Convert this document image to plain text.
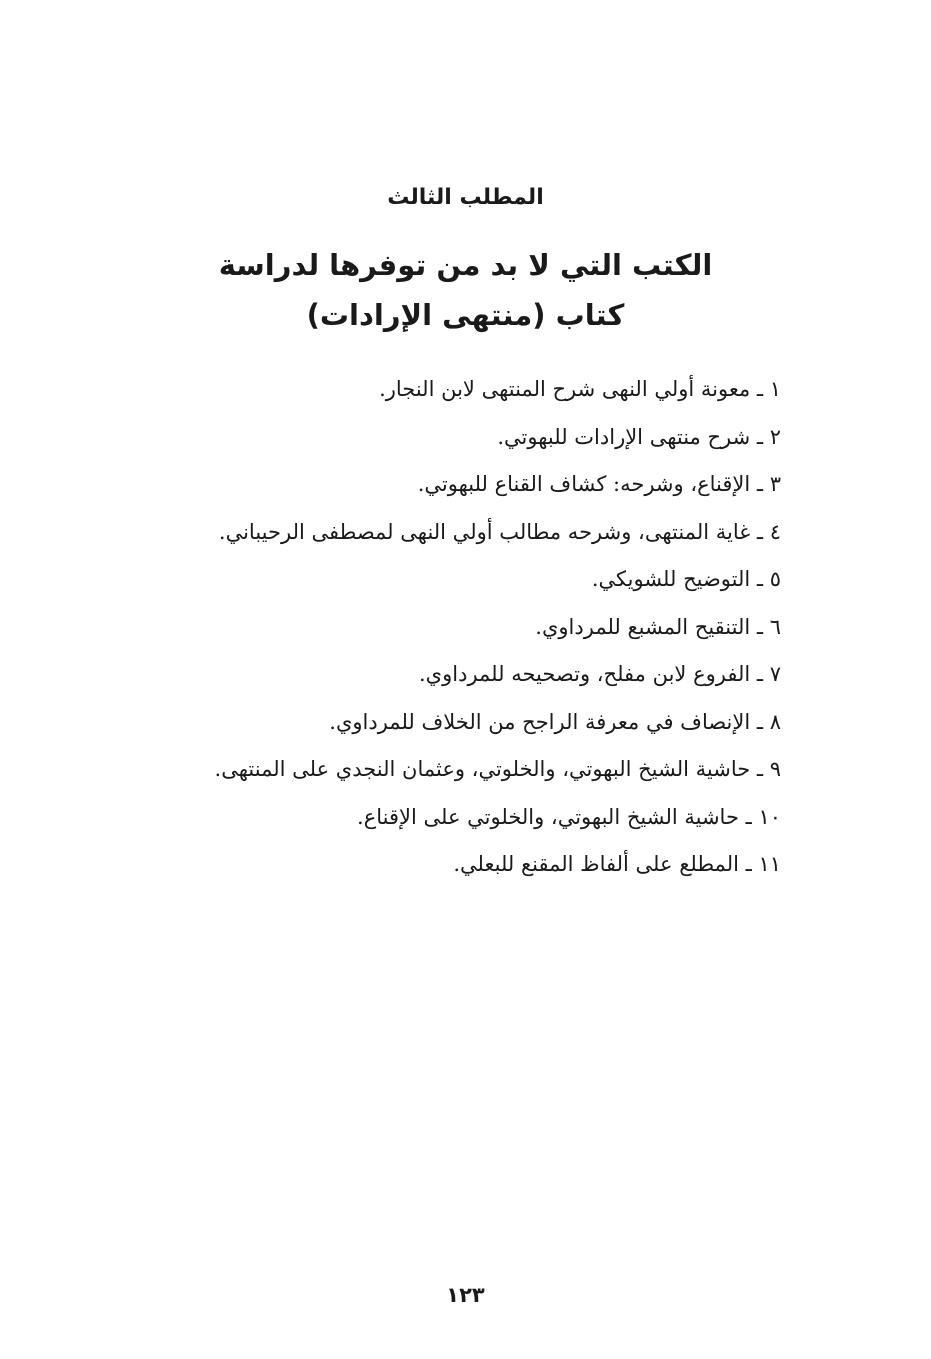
المطلب الثالث
الكتب التي لا بد من توفرها لدراسة
كتاب (منتهى الإرادات)
١ ـ معونة أولي النهى شرح المنتهى لابن النجار.
٢ ـ شرح منتهى الإرادات للبهوتي.
٣ ـ الإقناع، وشرحه: كشاف القناع للبهوتي.
٤ ـ غاية المنتهى، وشرحه مطالب أولي النهى لمصطفى الرحيباني.
٥ ـ التوضيح للشويكي.
٦ ـ التنقيح المشبع للمرداوي.
٧ ـ الفروع لابن مفلح، وتصحيحه للمرداوي.
٨ ـ الإنصاف في معرفة الراجح من الخلاف للمرداوي.
٩ ـ حاشية الشيخ البهوتي، والخلوتي، وعثمان النجدي على المنتهى.
١٠ ـ حاشية الشيخ البهوتي، والخلوتي على الإقناع.
١١ ـ المطلع على ألفاظ المقنع للبعلي.
١٢٣
